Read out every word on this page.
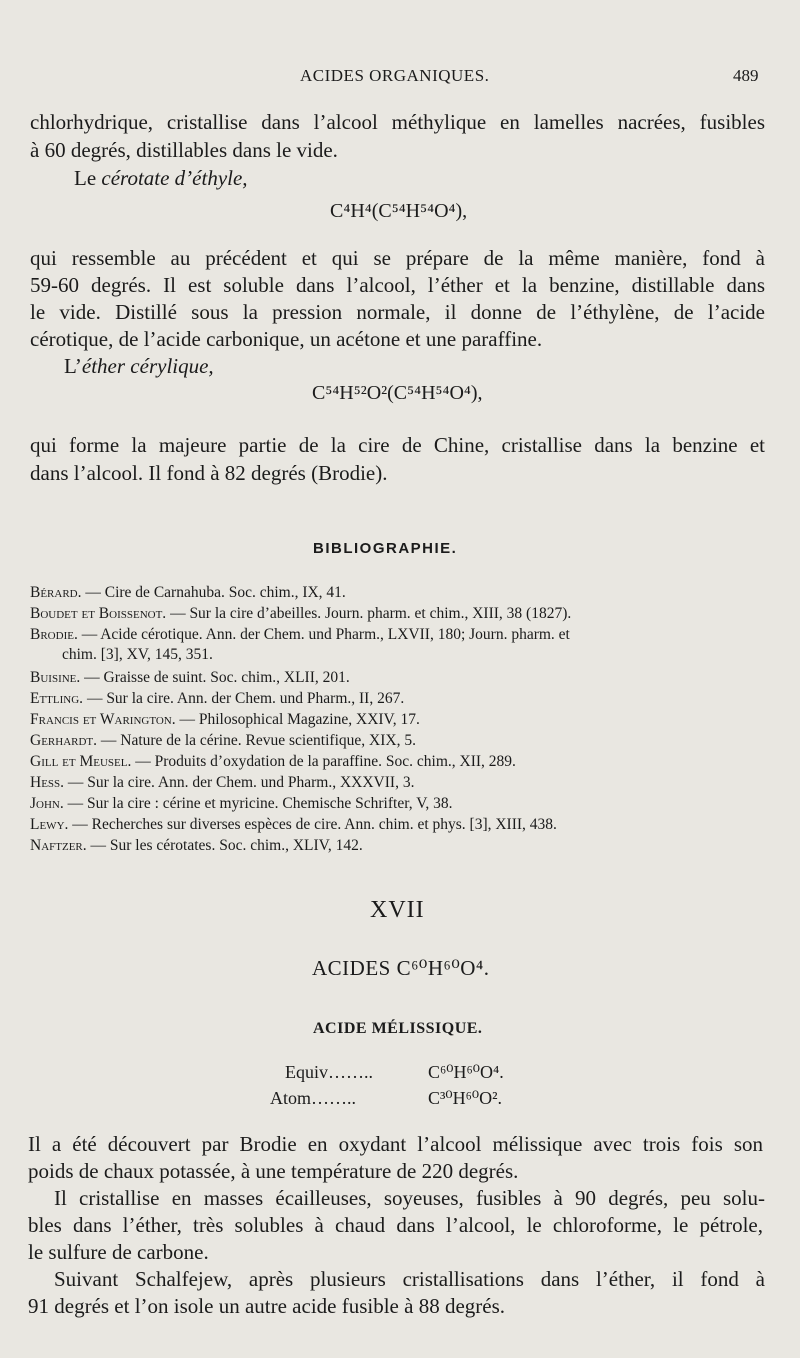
ACIDES ORGANIQUES.	489
chlorhydrique, cristallise dans l’alcool méthylique en lamelles nacrées, fusibles
à 60 degrés, distillables dans le vide.
Le cérotate d’éthyle,
C⁴H⁴(C⁵⁴H⁵⁴O⁴),
qui ressemble au précédent et qui se prépare de la même manière, fond à
59-60 degrés. Il est soluble dans l’alcool, l’éther et la benzine, distillable dans
le vide. Distillé sous la pression normale, il donne de l’éthylène, de l’acide
cérotique, de l’acide carbonique, un acétone et une paraffine.
L’éther cérylique,
C⁵⁴H⁵²O²(C⁵⁴H⁵⁴O⁴),
qui forme la majeure partie de la cire de Chine, cristallise dans la benzine et
dans l’alcool. Il fond à 82 degrés (Brodie).
BIBLIOGRAPHIE.
Bérard. — Cire de Carnahuba. Soc. chim., IX, 41.
Boudet et Boissenot. — Sur la cire d’abeilles. Journ. pharm. et chim., XIII, 38 (1827).
Brodie. — Acide cérotique. Ann. der Chem. und Pharm., LXVII, 180; Journ. pharm. et
chim. [3], XV, 145, 351.
Buisine. — Graisse de suint. Soc. chim., XLII, 201.
Ettling. — Sur la cire. Ann. der Chem. und Pharm., II, 267.
Francis et Warington. — Philosophical Magazine, XXIV, 17.
Gerhardt. — Nature de la cérine. Revue scientifique, XIX, 5.
Gill et Meusel. — Produits d’oxydation de la paraffine. Soc. chim., XII, 289.
Hess. — Sur la cire. Ann. der Chem. und Pharm., XXXVII, 3.
John. — Sur la cire : cérine et myricine. Chemische Schrifter, V, 38.
Lewy. — Recherches sur diverses espèces de cire. Ann. chim. et phys. [3], XIII, 438.
Naftzer. — Sur les cérotates. Soc. chim., XLIV, 142.
XVII
ACIDES C⁶⁰H⁶⁰O⁴.
ACIDE MÉLISSIQUE.
Equiv……..	C⁶⁰H⁶⁰O⁴.
Atom……..	C³⁰H⁶⁰O².
Il a été découvert par Brodie en oxydant l’alcool mélissique avec trois fois son
poids de chaux potassée, à une température de 220 degrés.
Il cristallise en masses écailleuses, soyeuses, fusibles à 90 degrés, peu solu-
bles dans l’éther, très solubles à chaud dans l’alcool, le chloroforme, le pétrole,
le sulfure de carbone.
Suivant Schalfejew, après plusieurs cristallisations dans l’éther, il fond à
91 degrés et l’on isole un autre acide fusible à 88 degrés.
